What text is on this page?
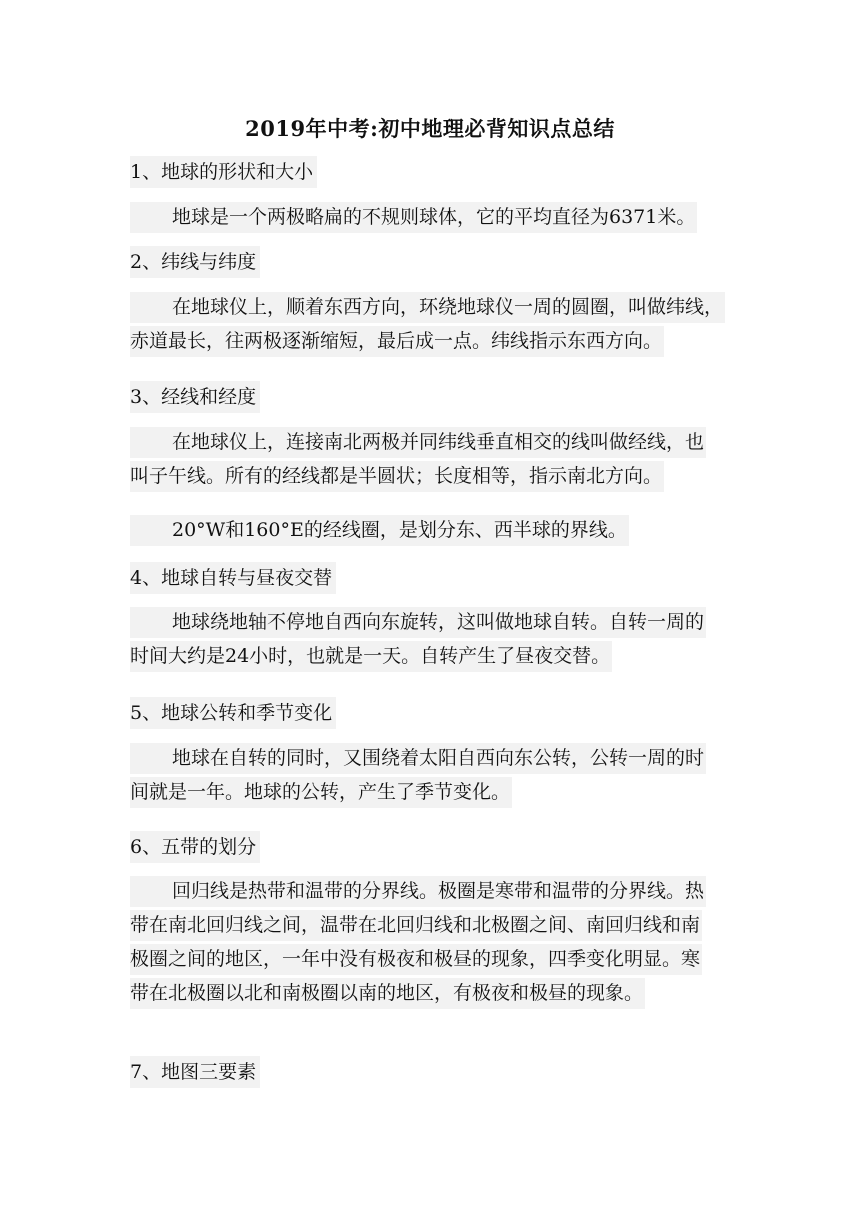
2019年中考:初中地理必背知识点总结
1、地球的形状和大小
地球是一个两极略扁的不规则球体，它的平均直径为6371米。
2、纬线与纬度
在地球仪上，顺着东西方向，环绕地球仪一周的圆圈，叫做纬线，
赤道最长，往两极逐渐缩短，最后成一点。纬线指示东西方向。
3、经线和经度
在地球仪上，连接南北两极并同纬线垂直相交的线叫做经线，也
叫子午线。所有的经线都是半圆状；长度相等，指示南北方向。
20°W和160°E的经线圈，是划分东、西半球的界线。
4、地球自转与昼夜交替
地球绕地轴不停地自西向东旋转，这叫做地球自转。自转一周的
时间大约是24小时，也就是一天。自转产生了昼夜交替。
5、地球公转和季节变化
地球在自转的同时，又围绕着太阳自西向东公转，公转一周的时
间就是一年。地球的公转，产生了季节变化。
6、五带的划分
回归线是热带和温带的分界线。极圈是寒带和温带的分界线。热
带在南北回归线之间，温带在北回归线和北极圈之间、南回归线和南
极圈之间的地区，一年中没有极夜和极昼的现象，四季变化明显。寒
带在北极圈以北和南极圈以南的地区，有极夜和极昼的现象。
7、地图三要素
